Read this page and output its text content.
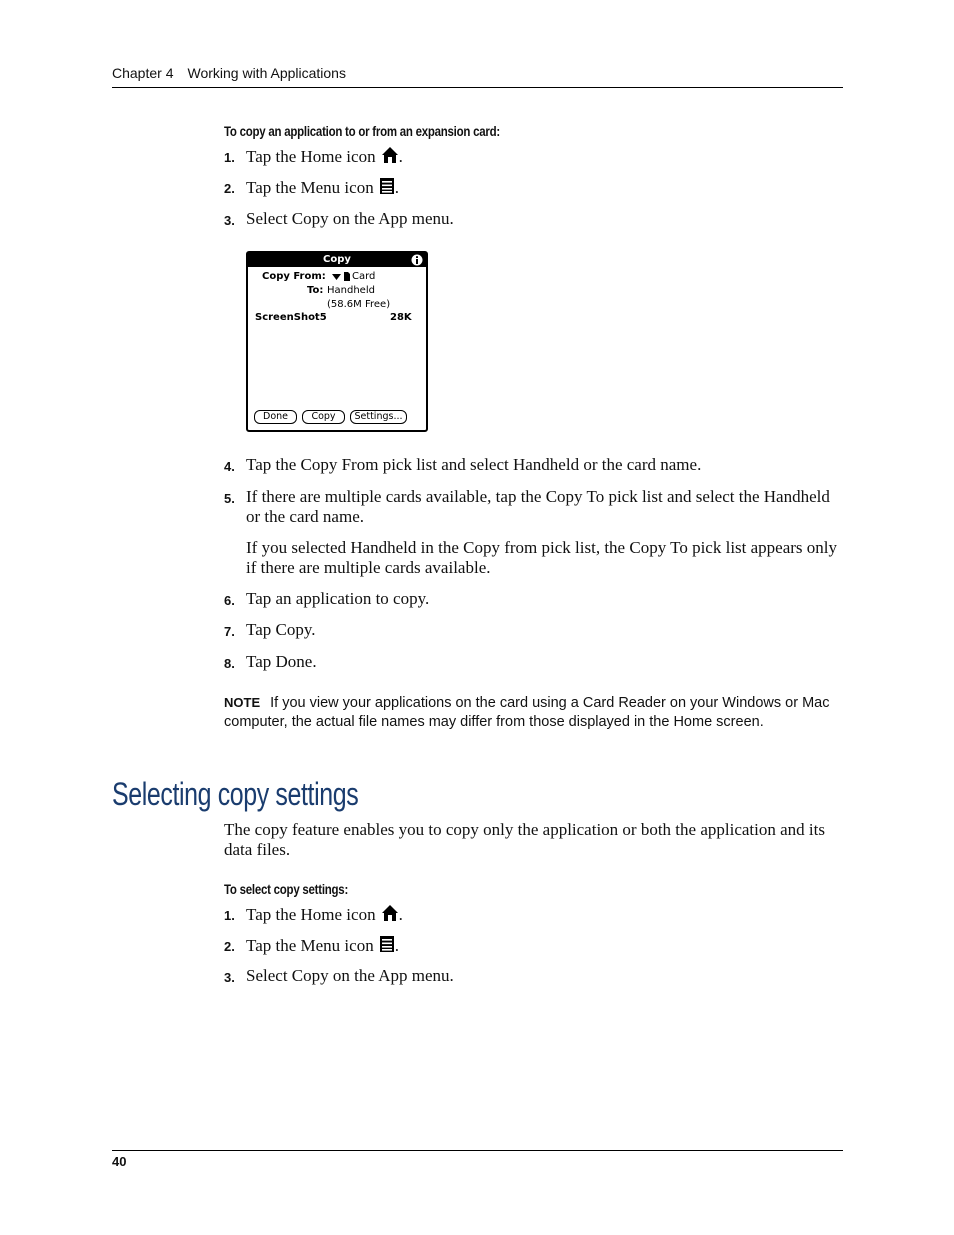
Chapter 4 Working with Applications
To copy an application to or from an expansion card:
1. Tap the Home icon .
2. Tap the Menu icon .
3. Select Copy on the App menu.
Copy
Copy From:	Card
To: Handheld
(58.6M Free)
ScreenShot5	28K
Done	Copy	Settings...
4. Tap the Copy From pick list and select Handheld or the card name.
5. If there are multiple cards available, tap the Copy To pick list and select the Handheld or the card name.
If you selected Handheld in the Copy from pick list, the Copy To pick list appears only if there are multiple cards available.
6. Tap an application to copy.
7. Tap Copy.
8. Tap Done.
NOTE If you view your applications on the card using a Card Reader on your Windows or Mac computer, the actual file names may differ from those displayed in the Home screen.
Selecting copy settings
The copy feature enables you to copy only the application or both the application and its data files.
To select copy settings:
1. Tap the Home icon .
2. Tap the Menu icon .
3. Select Copy on the App menu.
40
